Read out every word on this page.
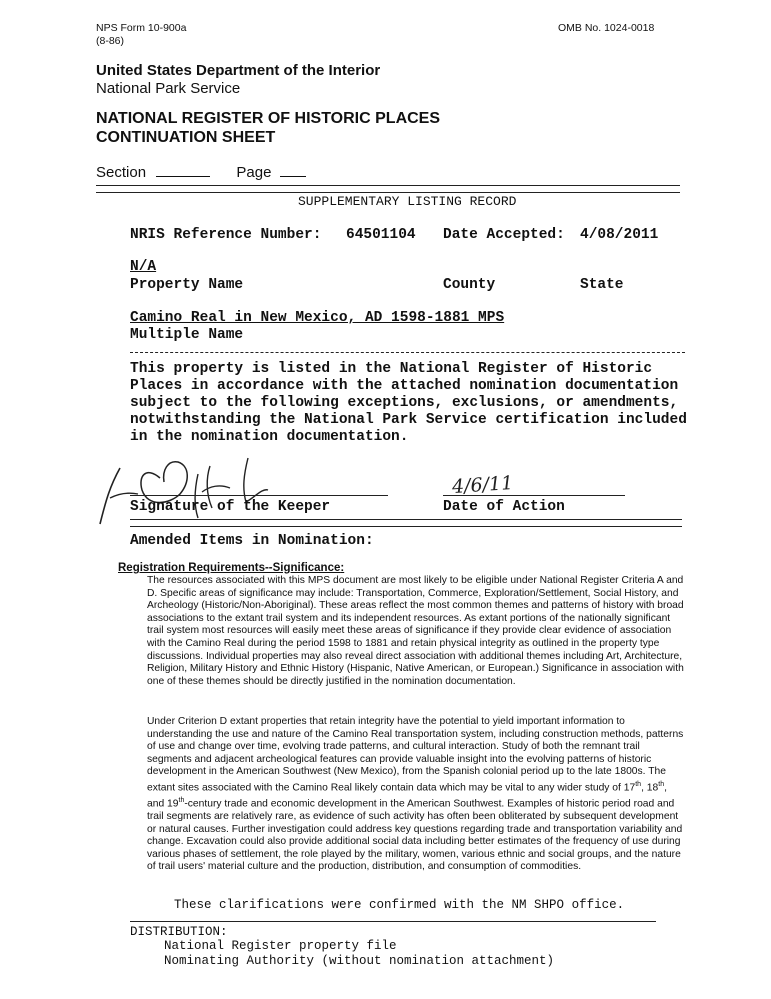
NPS Form 10-900a
(8-86)
OMB No. 1024-0018
United States Department of the Interior
National Park Service
NATIONAL REGISTER OF HISTORIC PLACES
CONTINUATION SHEET
Section	Page
SUPPLEMENTARY LISTING RECORD
NRIS Reference Number: 64501104 Date Accepted: 4/08/2011
N/A
Property Name	County	State
Camino Real in New Mexico, AD 1598-1881 MPS
Multiple Name
This property is listed in the National Register of Historic
Places in accordance with the attached nomination documentation
subject to the following exceptions, exclusions, or amendments,
notwithstanding the National Park Service certification included
in the nomination documentation.
4/6/11
Signature of the Keeper	Date of Action
Amended Items in Nomination:
Registration Requirements--Significance:
The resources associated with this MPS document are most likely to be eligible under National Register Criteria A and D. Specific areas of significance may include: Transportation, Commerce, Exploration/Settlement, Social History, and Archeology (Historic/Non-Aboriginal). These areas reflect the most common themes and patterns of history with broad associations to the extant trail system and its independent resources. As extant portions of the nationally significant trail system most resources will easily meet these areas of significance if they provide clear evidence of association with the Camino Real during the period 1598 to 1881 and retain physical integrity as outlined in the property type discussions. Individual properties may also reveal direct association with additional themes including Art, Architecture, Religion, Military History and Ethnic History (Hispanic, Native American, or European.) Significance in association with one of these themes should be directly justified in the nomination documentation.
Under Criterion D extant properties that retain integrity have the potential to yield important information to understanding the use and nature of the Camino Real transportation system, including construction methods, patterns of use and change over time, evolving trade patterns, and cultural interaction. Study of both the remnant trail segments and adjacent archeological features can provide valuable insight into the evolving patterns of historic development in the American Southwest (New Mexico), from the Spanish colonial period up to the late 1800s. The extant sites associated with the Camino Real likely contain data which may be vital to any wider study of 17th, 18th, and 19th-century trade and economic development in the American Southwest. Examples of historic period road and trail segments are relatively rare, as evidence of such activity has often been obliterated by subsequent development or natural causes. Further investigation could address key questions regarding trade and transportation variability and change. Excavation could also provide additional social data including better estimates of the frequency of use during various phases of settlement, the role played by the military, women, various ethnic and social groups, and the nature of trail users' material culture and the production, distribution, and consumption of commodities.
These clarifications were confirmed with the NM SHPO office.
DISTRIBUTION:
National Register property file
Nominating Authority (without nomination attachment)
